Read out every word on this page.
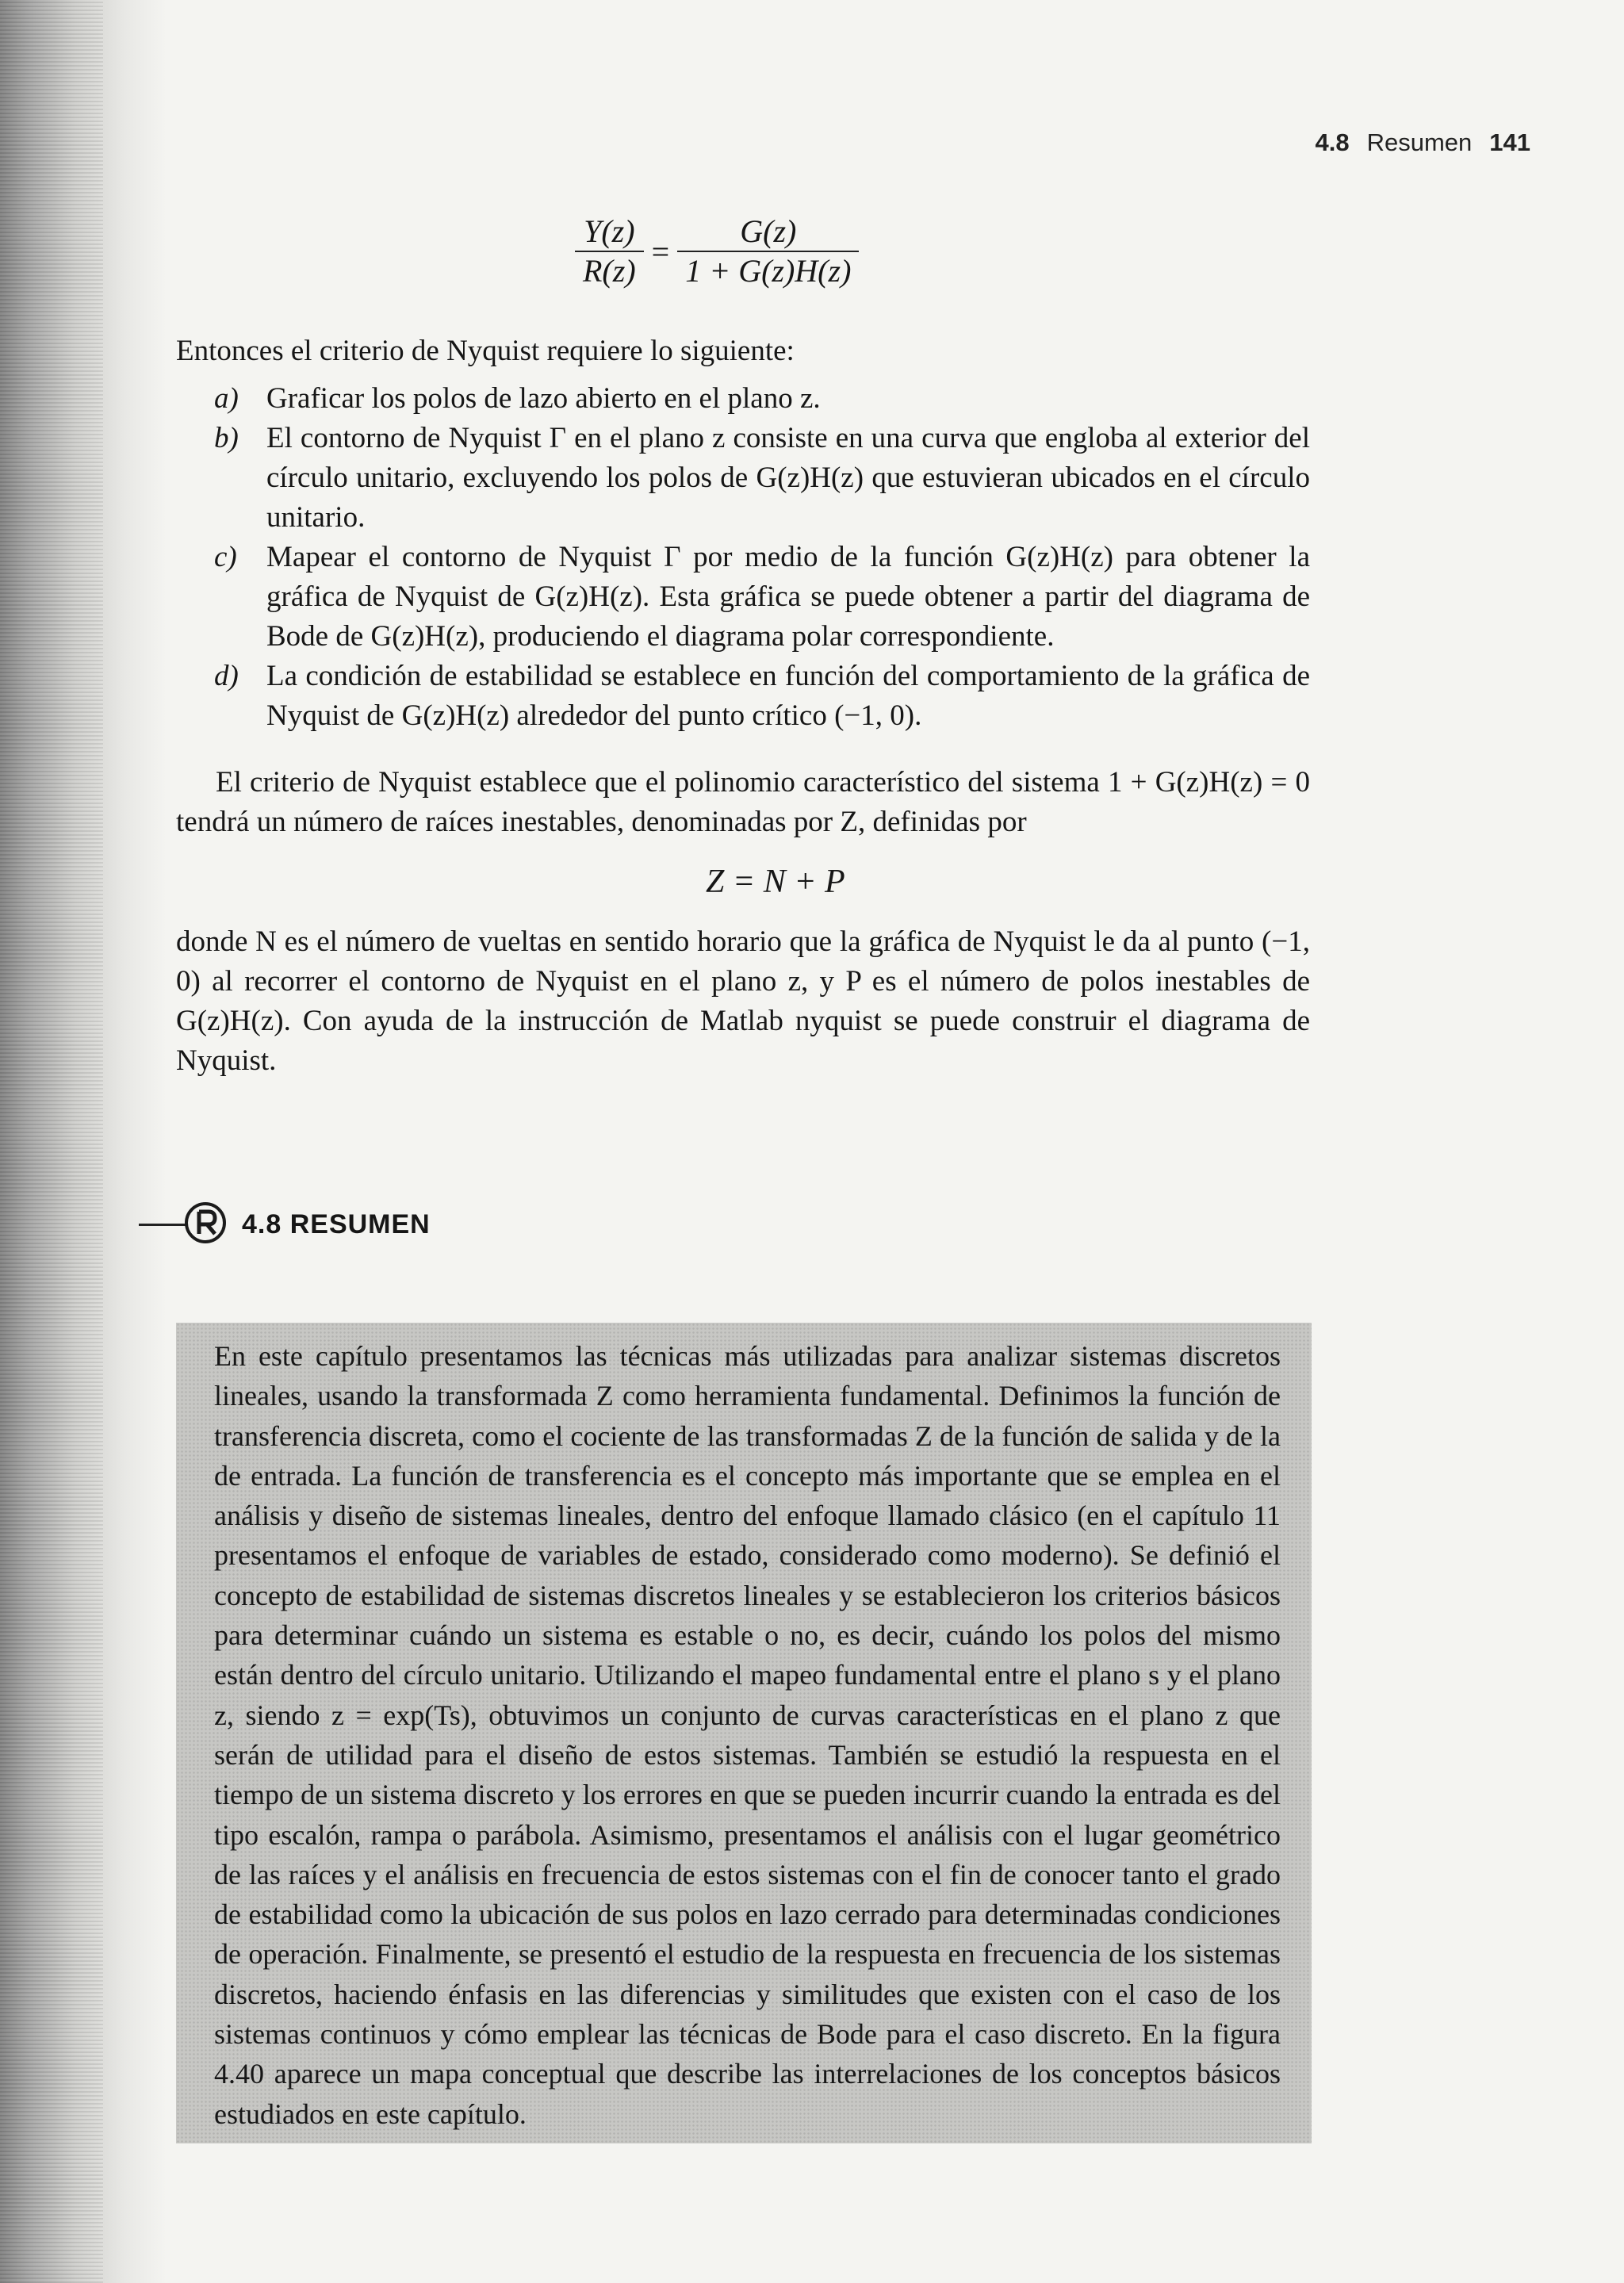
4.8 Resumen 141
$\frac{Y(z)}{R(z)} = \frac{G(z)}{1 + G(z)H(z)}$
Entonces el criterio de Nyquist requiere lo siguiente:
a) Graficar los polos de lazo abierto en el plano z.
b) El contorno de Nyquist Γ en el plano z consiste en una curva que engloba al exterior del círculo unitario, excluyendo los polos de G(z)H(z) que estuvieran ubicados en el círculo unitario.
c) Mapear el contorno de Nyquist Γ por medio de la función G(z)H(z) para obtener la gráfica de Nyquist de G(z)H(z). Esta gráfica se puede obtener a partir del diagrama de Bode de G(z)H(z), produciendo el diagrama polar correspondiente.
d) La condición de estabilidad se establece en función del comportamiento de la gráfica de Nyquist de G(z)H(z) alrededor del punto crítico (−1, 0).
El criterio de Nyquist establece que el polinomio característico del sistema 1 + G(z)H(z) = 0 tendrá un número de raíces inestables, denominadas por Z, definidas por
Z = N + P
donde N es el número de vueltas en sentido horario que la gráfica de Nyquist le da al punto (−1, 0) al recorrer el contorno de Nyquist en el plano z, y P es el número de polos inestables de G(z)H(z). Con ayuda de la instrucción de Matlab nyquist se puede construir el diagrama de Nyquist.
4.8 RESUMEN
En este capítulo presentamos las técnicas más utilizadas para analizar sistemas discretos lineales, usando la transformada Z como herramienta fundamental. Definimos la función de transferencia discreta, como el cociente de las transformadas Z de la función de salida y de la de entrada. La función de transferencia es el concepto más importante que se emplea en el análisis y diseño de sistemas lineales, dentro del enfoque llamado clásico (en el capítulo 11 presentamos el enfoque de variables de estado, considerado como moderno). Se definió el concepto de estabilidad de sistemas discretos lineales y se establecieron los criterios básicos para determinar cuándo un sistema es estable o no, es decir, cuándo los polos del mismo están dentro del círculo unitario. Utilizando el mapeo fundamental entre el plano s y el plano z, siendo z = exp(Ts), obtuvimos un conjunto de curvas características en el plano z que serán de utilidad para el diseño de estos sistemas. También se estudió la respuesta en el tiempo de un sistema discreto y los errores en que se pueden incurrir cuando la entrada es del tipo escalón, rampa o parábola. Asimismo, presentamos el análisis con el lugar geométrico de las raíces y el análisis en frecuencia de estos sistemas con el fin de conocer tanto el grado de estabilidad como la ubicación de sus polos en lazo cerrado para determinadas condiciones de operación. Finalmente, se presentó el estudio de la respuesta en frecuencia de los sistemas discretos, haciendo énfasis en las diferencias y similitudes que existen con el caso de los sistemas continuos y cómo emplear las técnicas de Bode para el caso discreto. En la figura 4.40 aparece un mapa conceptual que describe las interrelaciones de los conceptos básicos estudiados en este capítulo.
